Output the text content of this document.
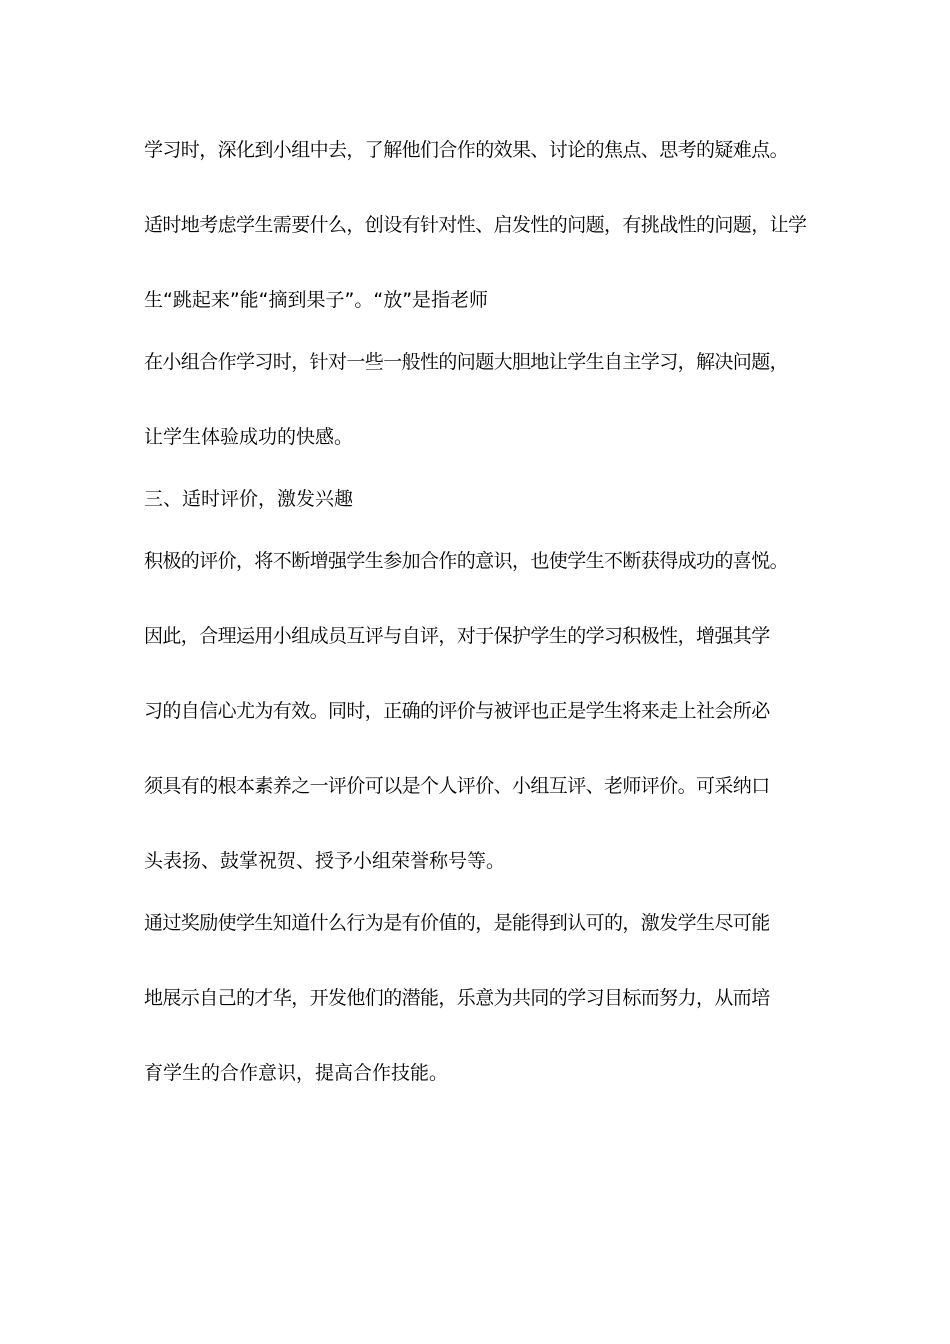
学习时，深化到小组中去，了解他们合作的效果、讨论的焦点、思考的疑难点。
适时地考虑学生需要什么，创设有针对性、启发性的问题，有挑战性的问题，让学
生“跳起来”能“摘到果子”。“放”是指老师
在小组合作学习时，针对一些一般性的问题大胆地让学生自主学习，解决问题，
让学生体验成功的快感。
三、适时评价，激发兴趣
积极的评价，将不断增强学生参加合作的意识，也使学生不断获得成功的喜悦。
因此，合理运用小组成员互评与自评，对于保护学生的学习积极性，增强其学
习的自信心尤为有效。同时，正确的评价与被评也正是学生将来走上社会所必
须具有的根本素养之一评价可以是个人评价、小组互评、老师评价。可采纳口
头表扬、鼓掌祝贺、授予小组荣誉称号等。
通过奖励使学生知道什么行为是有价值的，是能得到认可的，激发学生尽可能
地展示自己的才华，开发他们的潜能，乐意为共同的学习目标而努力，从而培
育学生的合作意识，提高合作技能。
